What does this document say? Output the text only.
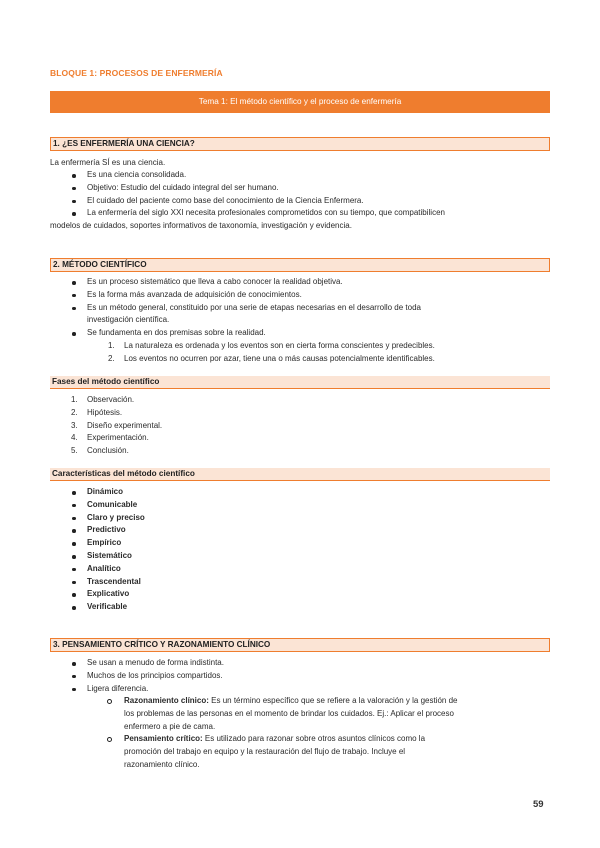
BLOQUE 1: PROCESOS DE ENFERMERÍA
Tema 1: El método científico y el proceso de enfermería
1. ¿ES ENFERMERÍA UNA CIENCIA?
La enfermería SÍ es una ciencia.
Es una ciencia consolidada.
Objetivo: Estudio del cuidado integral del ser humano.
El cuidado del paciente como base del conocimiento de la Ciencia Enfermera.
La enfermería del siglo XXI necesita profesionales comprometidos con su tiempo, que compatibilicen
modelos de cuidados, soportes informativos de taxonomía, investigación y evidencia.
2. MÉTODO CIENTÍFICO
Es un proceso sistemático que lleva a cabo conocer la realidad objetiva.
Es la forma más avanzada de adquisición de conocimientos.
Es un método general, constituido por una serie de etapas necesarias en el desarrollo de toda
investigación científica.
Se fundamenta en dos premisas sobre la realidad.
1. La naturaleza es ordenada y los eventos son en cierta forma conscientes y predecibles.
2. Los eventos no ocurren por azar, tiene una o más causas potencialmente identificables.
Fases del método científico
1. Observación.
2. Hipótesis.
3. Diseño experimental.
4. Experimentación.
5. Conclusión.
Características del método científico
Dinámico
Comunicable
Claro y preciso
Predictivo
Empírico
Sistemático
Analítico
Trascendental
Explicativo
Verificable
3. PENSAMIENTO CRÍTICO Y RAZONAMIENTO CLÍNICO
Se usan a menudo de forma indistinta.
Muchos de los principios compartidos.
Ligera diferencia.
Razonamiento clínico: Es un término específico que se refiere a la valoración y la gestión de
los problemas de las personas en el momento de brindar los cuidados. Ej.: Aplicar el proceso
enfermero a pie de cama.
Pensamiento crítico: Es utilizado para razonar sobre otros asuntos clínicos como la
promoción del trabajo en equipo y la restauración del flujo de trabajo. Incluye el
razonamiento clínico.
59
